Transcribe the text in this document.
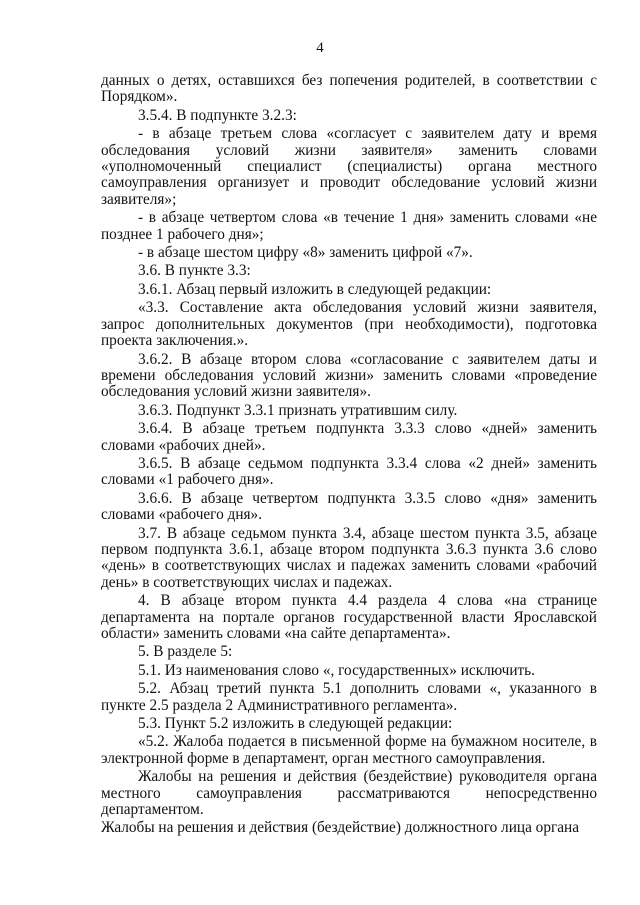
4

данных о детях, оставшихся без попечения родителей, в соответствии с Порядком».

3.5.4. В подпункте 3.2.3:

- в абзаце третьем слова «согласует с заявителем дату и время обследования условий жизни заявителя» заменить словами «уполномоченный специалист (специалисты) органа местного самоуправления организует и проводит обследование условий жизни заявителя»;

- в абзаце четвертом слова «в течение 1 дня» заменить словами «не позднее 1 рабочего дня»;

- в абзаце шестом цифру «8» заменить цифрой «7».

3.6. В пункте 3.3:

3.6.1. Абзац первый изложить в следующей редакции:

«3.3. Составление акта обследования условий жизни заявителя, запрос дополнительных документов (при необходимости), подготовка проекта заключения.».

3.6.2. В абзаце втором слова «согласование с заявителем даты и времени обследования условий жизни» заменить словами «проведение обследования условий жизни заявителя».

3.6.3. Подпункт 3.3.1 признать утратившим силу.

3.6.4. В абзаце третьем подпункта 3.3.3 слово «дней» заменить словами «рабочих дней».

3.6.5. В абзаце седьмом подпункта 3.3.4 слова «2 дней» заменить словами «1 рабочего дня».

3.6.6. В абзаце четвертом подпункта 3.3.5 слово «дня» заменить словами «рабочего дня».

3.7. В абзаце седьмом пункта 3.4, абзаце шестом пункта 3.5, абзаце первом подпункта 3.6.1, абзаце втором подпункта 3.6.3 пункта 3.6 слово «день» в соответствующих числах и падежах заменить словами «рабочий день» в соответствующих числах и падежах.

4. В абзаце втором пункта 4.4 раздела 4 слова «на странице департамента на портале органов государственной власти Ярославской области» заменить словами «на сайте департамента».

5. В разделе 5:

5.1. Из наименования слово «, государственных» исключить.

5.2. Абзац третий пункта 5.1 дополнить словами «, указанного в пункте 2.5 раздела 2 Административного регламента».

5.3. Пункт 5.2 изложить в следующей редакции:

«5.2. Жалоба подается в письменной форме на бумажном носителе, в электронной форме в департамент, орган местного самоуправления.

Жалобы на решения и действия (бездействие) руководителя органа местного самоуправления рассматриваются непосредственно департаментом.

Жалобы на решения и действия (бездействие) должностного лица органа
